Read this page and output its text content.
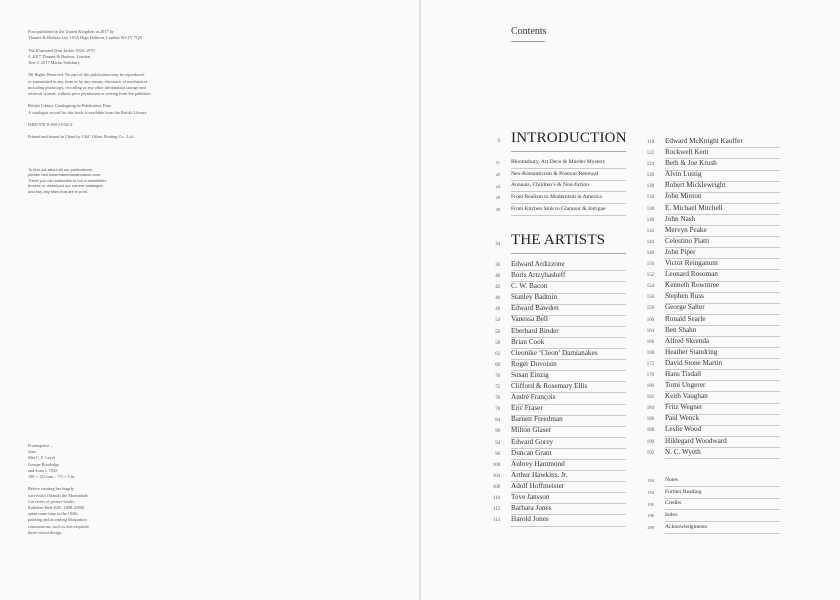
First published in the United Kingdom in 2017 by
Thames & Hudson Ltd, 181A High Holborn, London WC1V 7QX

The Illustrated Dust Jacket 1920–1970
© 2017 Thames & Hudson, London
Text © 2017 Martin Salisbury

All Rights Reserved. No part of this publication may be reproduced
or transmitted in any form or by any means, electronic or mechanical,
including photocopy, recording or any other information storage and
retrieval system, without prior permission in writing from the publisher.

British Library Cataloguing-in-Publication Data
A catalogue record for this book is available from the British Library

ISBN 978-0-500-51932-4

Printed and bound in China by C&C Offset Printing Co., Ltd.
To find out about all our publications,
please visit www.thamesandhudson.com.
There you can subscribe to our e-newsletter,
browse or download our current catalogue,
and buy any titles that are in print.
Frontispiece –
Jane
Mrs C. F. Leyel
George Routledge
and Sons c. 1925
190 × 125 mm – 7½ × 5 in.

Before creating her hugely
successful Orlando the Marmalade
Cat series of picture books,
Kathleen Hale (UK, 1898–2000)
spent some time in the 1920s
painting and accepting illustration
commissions, such as this exquisite
three-colour design.
Contents
6 INTRODUCTION
11 Bloomsbury, Art Deco & Murder Mystery
20 Neo-Romanticism & Postwar Renewal
24 Annuals, Children’s & Non-fiction
28 From Realism to Modernism in America
30 From Kitchen Sink to Glamour & Intrigue
34 THE ARTISTS
36 Edward Ardizzone
40 Boris Artzybasheff
42 C. W. Bacon
46 Stanley Badmin
48 Edward Bawden
54 Vanessa Bell
56 Eberhard Binder
58 Brian Cook
62 Cleonike ‘Cleon’ Damianakes
66 Roger Duvoisin
70 Susan Einzig
72 Clifford & Rosemary Ellis
76 André François
78 Eric Fraser
84 Barnett Freedman
90 Milton Glaser
94 Edward Gorey
96 Duncan Grant
100 Aubrey Hammond
104 Arthur Hawkins, Jr.
108 Adolf Hoffmeister
110 Tove Jansson
112 Barbara Jones
114 Harold Jones
118 Edward McKnight Kauffer
122 Rockwell Kent
124 Beth & Joe Krush
126 Alvin Lustig
130 Robert Micklewright
134 John Minton
138 E. Michael Mitchell
140 John Nash
142 Mervyn Peake
144 Celestino Piatti
146 John Piper
150 Victor Reinganum
152 Leonard Rosoman
154 Kenneth Rowntree
156 Stephen Russ
158 George Salter
160 Ronald Searle
164 Ben Shahn
166 Alfred Skrenda
168 Heather Standring
172 David Stone Martin
176 Hans Tisdall
180 Tomi Ungerer
182 Keith Vaughan
184 Fritz Wegner
186 Paul Wenck
188 Leslie Wood
190 Hildegard Woodward
192 N. C. Wyeth
194 Notes
194 Further Reading
195 Credits
196 Index
200 Acknowledgments
